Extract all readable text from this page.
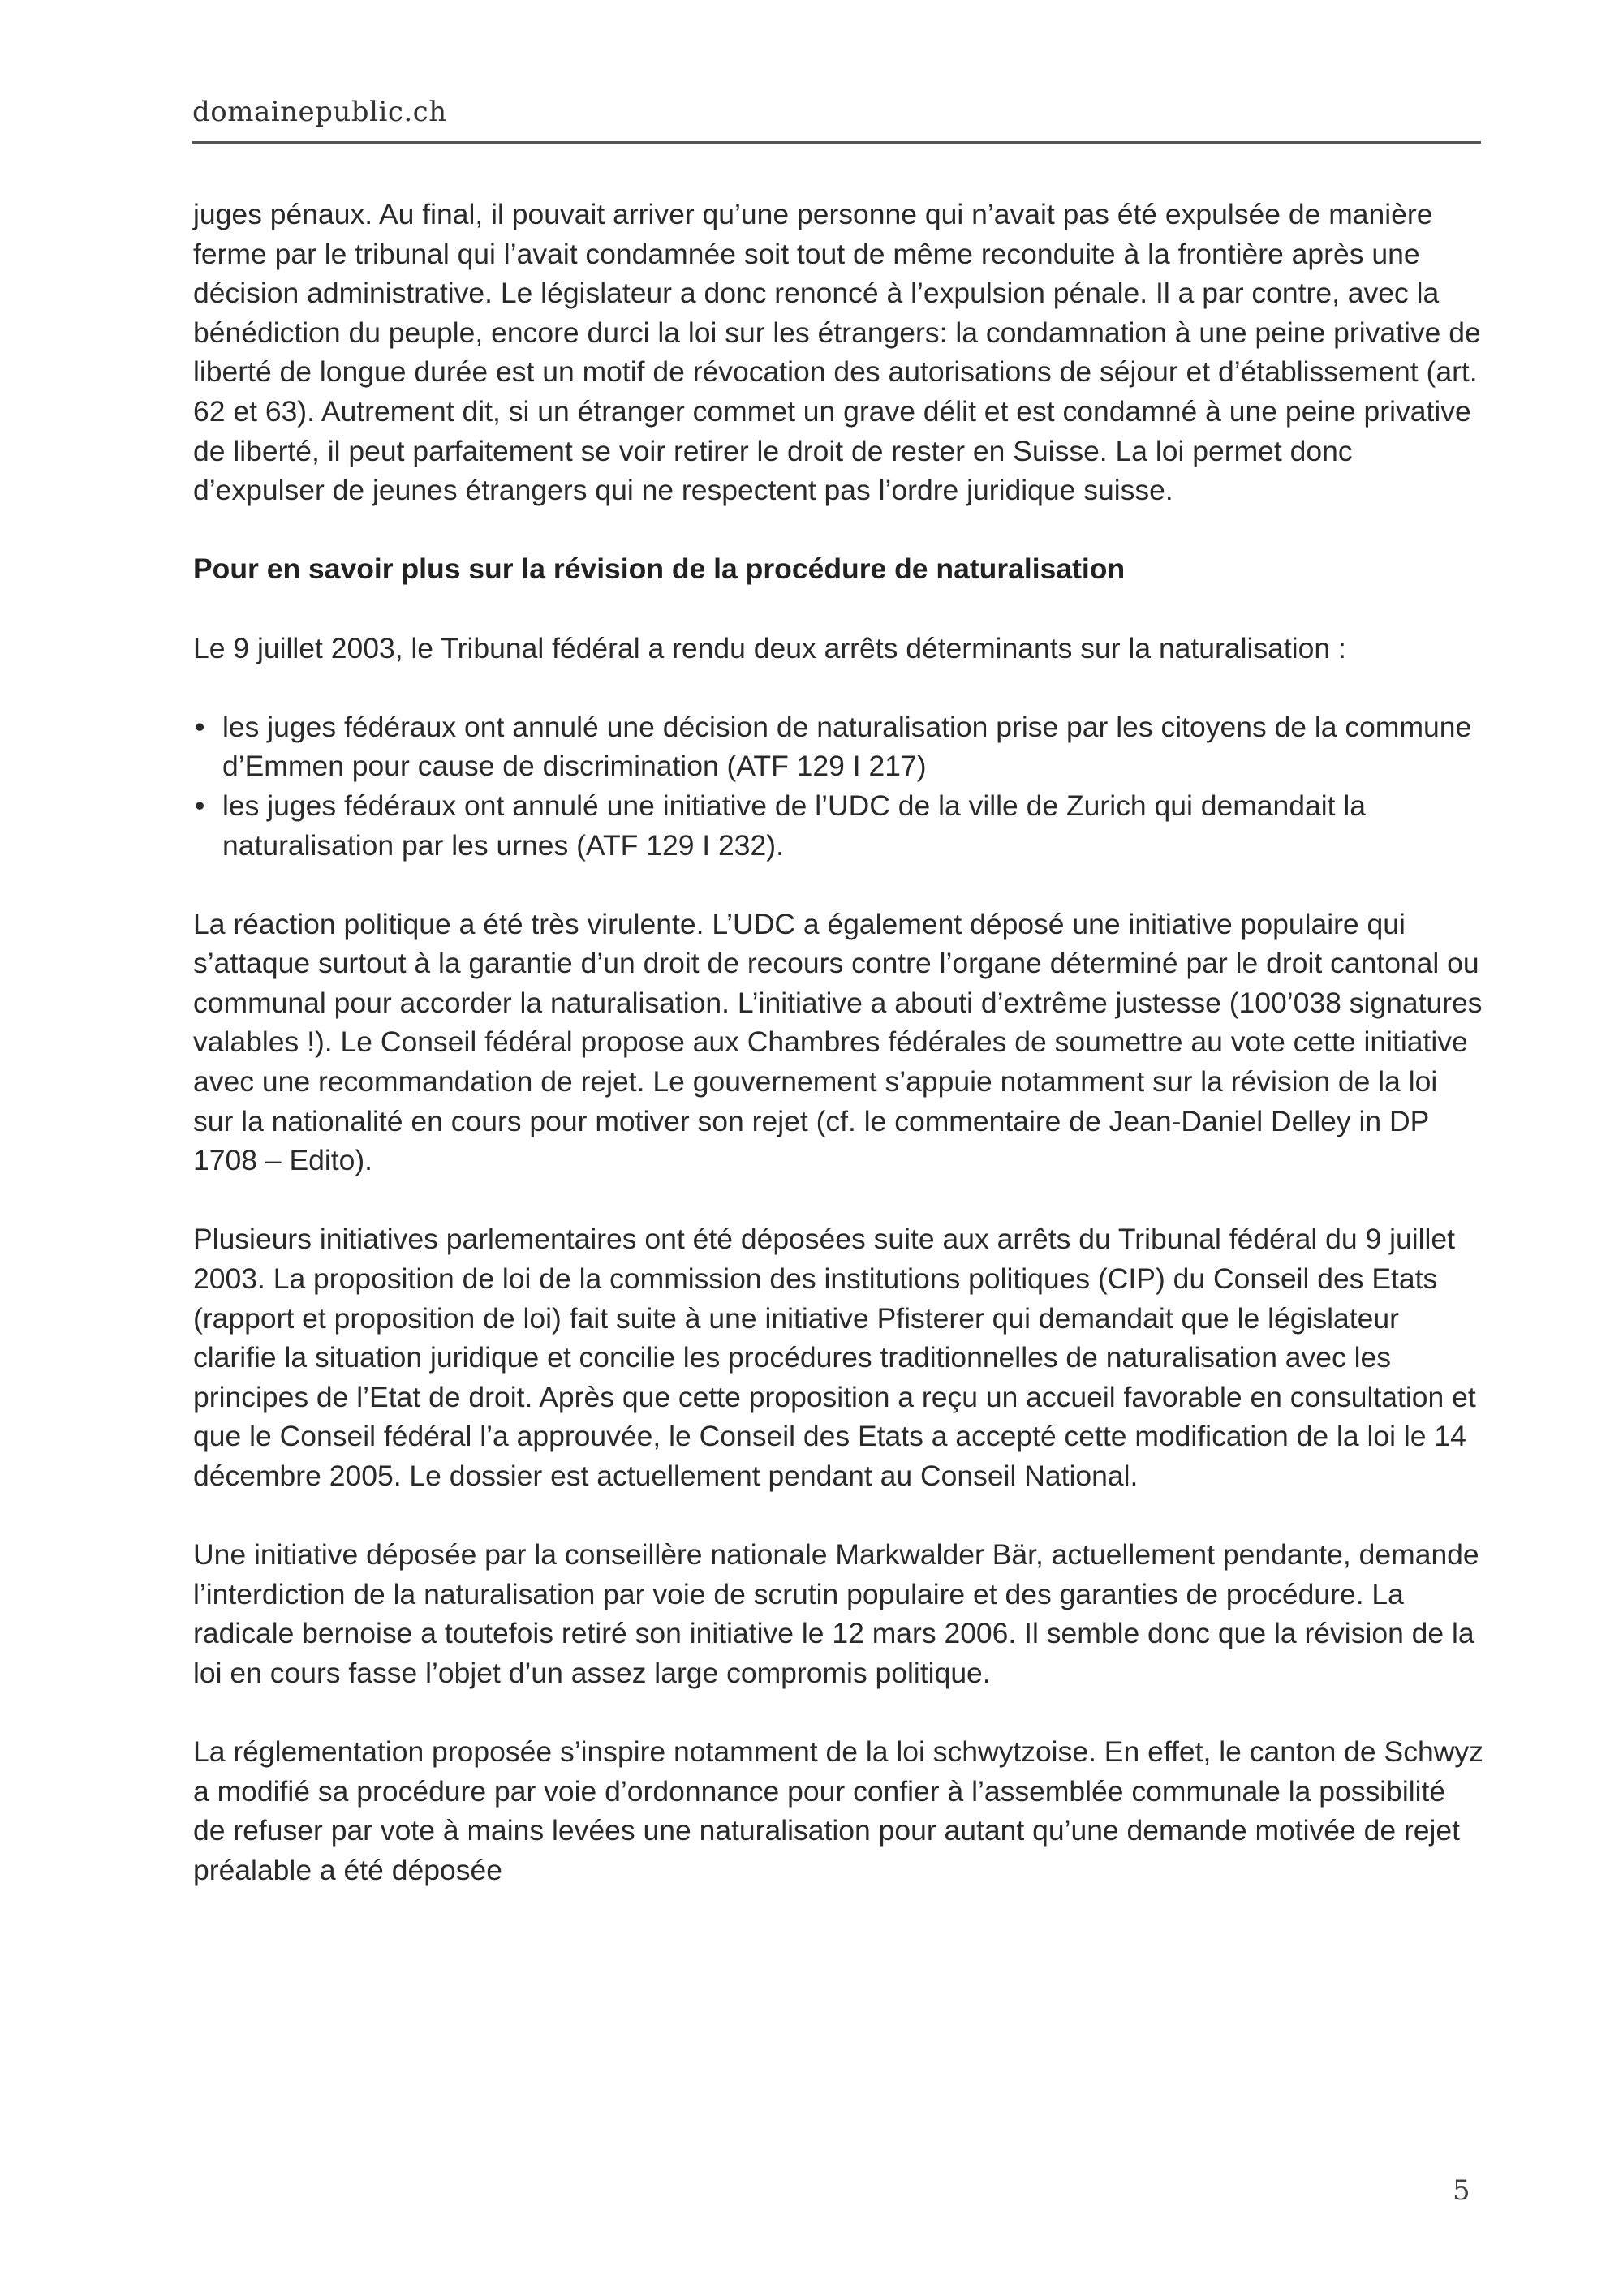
domainepublic.ch

juges pénaux. Au final, il pouvait arriver qu’une personne qui n’avait pas été expulsée de manière ferme par le tribunal qui l’avait condamnée soit tout de même reconduite à la frontière après une décision administrative. Le législateur a donc renoncé à l’expulsion pénale. Il a par contre, avec la bénédiction du peuple, encore durci la loi sur les étrangers: la condamnation à une peine privative de liberté de longue durée est un motif de révocation des autorisations de séjour et d’établissement (art. 62 et 63). Autrement dit, si un étranger commet un grave délit et est condamné à une peine privative de liberté, il peut parfaitement se voir retirer le droit de rester en Suisse. La loi permet donc d’expulser de jeunes étrangers qui ne respectent pas l’ordre juridique suisse.

Pour en savoir plus sur la révision de la procédure de naturalisation

Le 9 juillet 2003, le Tribunal fédéral a rendu deux arrêts déterminants sur la naturalisation :

• les juges fédéraux ont annulé une décision de naturalisation prise par les citoyens de la commune d’Emmen pour cause de discrimination (ATF 129 I 217)
• les juges fédéraux ont annulé une initiative de l’UDC de la ville de Zurich qui demandait la naturalisation par les urnes (ATF 129 I 232).

La réaction politique a été très virulente. L’UDC a également déposé une initiative populaire qui s’attaque surtout à la garantie d’un droit de recours contre l’organe déterminé par le droit cantonal ou communal pour accorder la naturalisation. L’initiative a abouti d’extrême justesse (100’038 signatures valables !). Le Conseil fédéral propose aux Chambres fédérales de soumettre au vote cette initiative avec une recommandation de rejet. Le gouvernement s’appuie notamment sur la révision de la loi sur la nationalité en cours pour motiver son rejet (cf. le commentaire de Jean-Daniel Delley in DP 1708 – Edito).

Plusieurs initiatives parlementaires ont été déposées suite aux arrêts du Tribunal fédéral du 9 juillet 2003. La proposition de loi de la commission des institutions politiques (CIP) du Conseil des Etats (rapport et proposition de loi) fait suite à une initiative Pfisterer qui demandait que le législateur clarifie la situation juridique et concilie les procédures traditionnelles de naturalisation avec les principes de l’Etat de droit. Après que cette proposition a reçu un accueil favorable en consultation et que le Conseil fédéral l’a approuvée, le Conseil des Etats a accepté cette modification de la loi le 14 décembre 2005. Le dossier est actuellement pendant au Conseil National.

Une initiative déposée par la conseillère nationale Markwalder Bär, actuellement pendante, demande l’interdiction de la naturalisation par voie de scrutin populaire et des garanties de procédure. La radicale bernoise a toutefois retiré son initiative le 12 mars 2006. Il semble donc que la révision de la loi en cours fasse l’objet d’un assez large compromis politique.

La réglementation proposée s’inspire notamment de la loi schwytzoise. En effet, le canton de Schwyz a modifié sa procédure par voie d’ordonnance pour confier à l’assemblée communale la possibilité de refuser par vote à mains levées une naturalisation pour autant qu’une demande motivée de rejet préalable a été déposée

5
